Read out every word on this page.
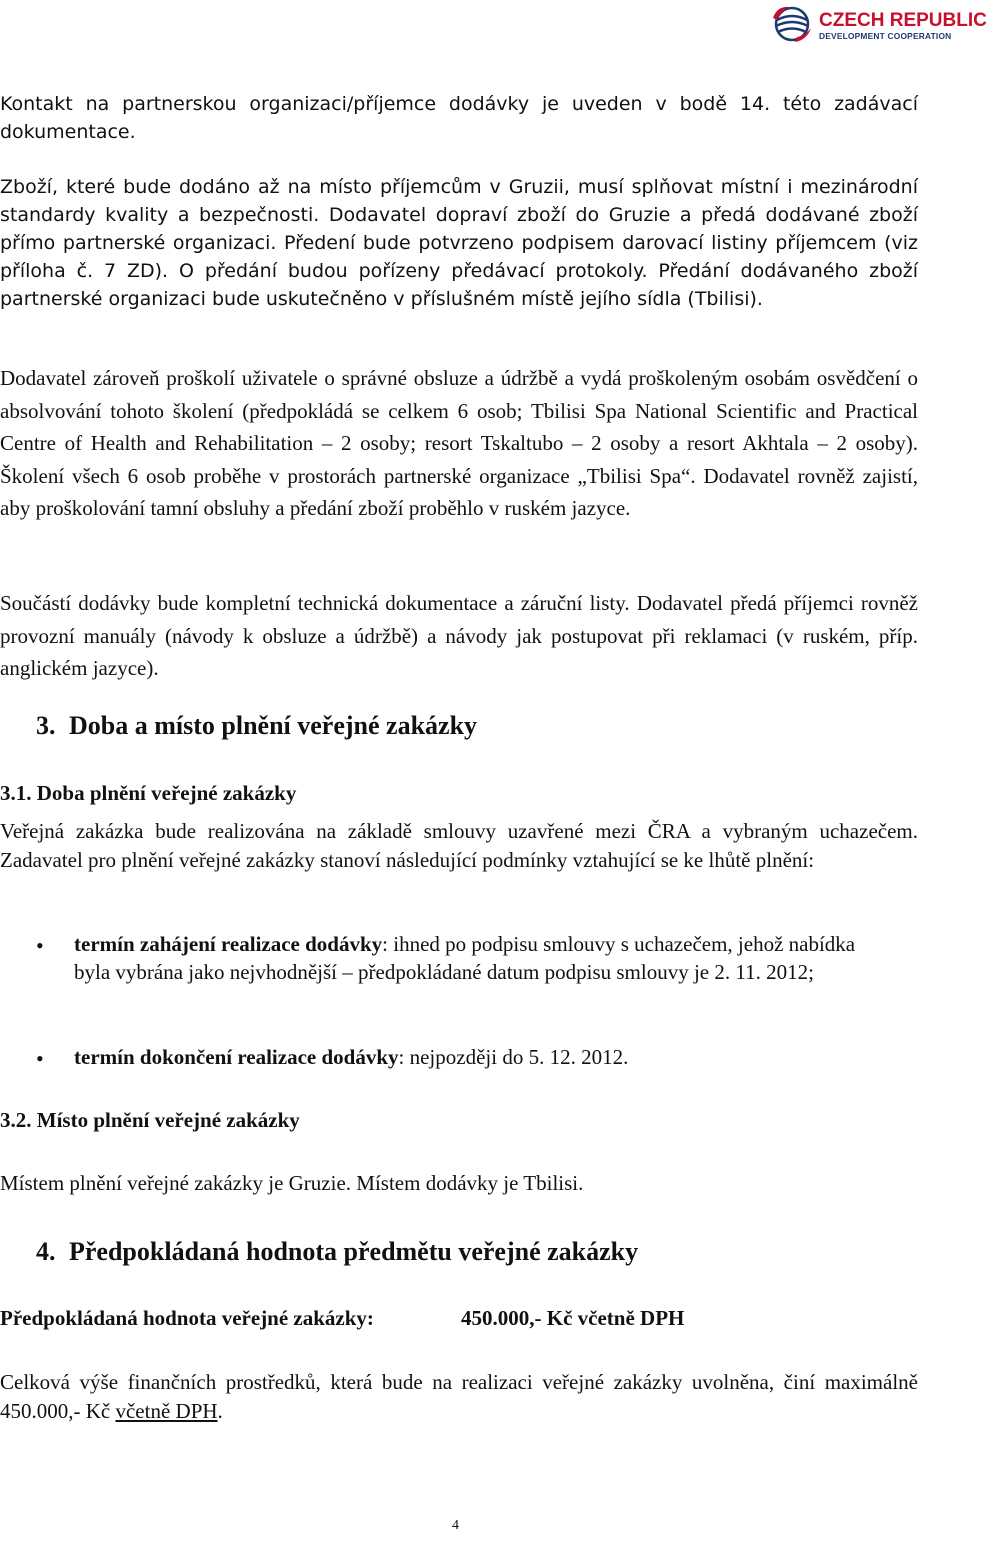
CZECH REPUBLIC
DEVELOPMENT COOPERATION

Kontakt na partnerskou organizaci/příjemce dodávky je uveden v bodě 14. této zadávací dokumentace.

Zboží, které bude dodáno až na místo příjemcům v Gruzii, musí splňovat místní i mezinárodní standardy kvality a bezpečnosti. Dodavatel dopraví zboží do Gruzie a předá dodávané zboží přímo partnerské organizaci. Předení bude potvrzeno podpisem darovací listiny příjemcem (viz příloha č. 7 ZD). O předání budou pořízeny předávací protokoly. Předání dodávaného zboží partnerské organizaci bude uskutečněno v příslušném místě jejího sídla (Tbilisi).

Dodavatel zároveň proškolí uživatele o správné obsluze a údržbě a vydá proškoleným osobám osvědčení o absolvování tohoto školení (předpokládá se celkem 6 osob; Tbilisi Spa National Scientific and Practical Centre of Health and Rehabilitation – 2 osoby; resort Tskaltubo – 2 osoby a resort Akhtala – 2 osoby). Školení všech 6 osob proběhe v prostorách partnerské organizace „Tbilisi Spa“. Dodavatel rovněž zajistí, aby proškolování tamní obsluhy a předání zboží proběhlo v ruském jazyce.

Součástí dodávky bude kompletní technická dokumentace a záruční listy. Dodavatel předá příjemci rovněž provozní manuály (návody k obsluze a údržbě) a návody jak postupovat při reklamaci (v ruském, příp. anglickém jazyce).

3. Doba a místo plnění veřejné zakázky
3.1. Doba plnění veřejné zakázky

Veřejná zakázka bude realizována na základě smlouvy uzavřené mezi ČRA a vybraným uchazečem. Zadavatel pro plnění veřejné zakázky stanoví následující podmínky vztahující se ke lhůtě plnění:

• termín zahájení realizace dodávky: ihned po podpisu smlouvy s uchazečem, jehož nabídka byla vybrána jako nejvhodnější – předpokládané datum podpisu smlouvy je 2. 11. 2012;
• termín dokončení realizace dodávky: nejpozději do 5. 12. 2012.
3.2. Místo plnění veřejné zakázky

Místem plnění veřejné zakázky je Gruzie. Místem dodávky je Tbilisi.

4. Předpokládaná hodnota předmětu veřejné zakázky
Předpokládaná hodnota veřejné zakázky:	450.000,- Kč včetně DPH

Celková výše finančních prostředků, která bude na realizaci veřejné zakázky uvolněna, činí maximálně 450.000,- Kč včetně DPH.

4
